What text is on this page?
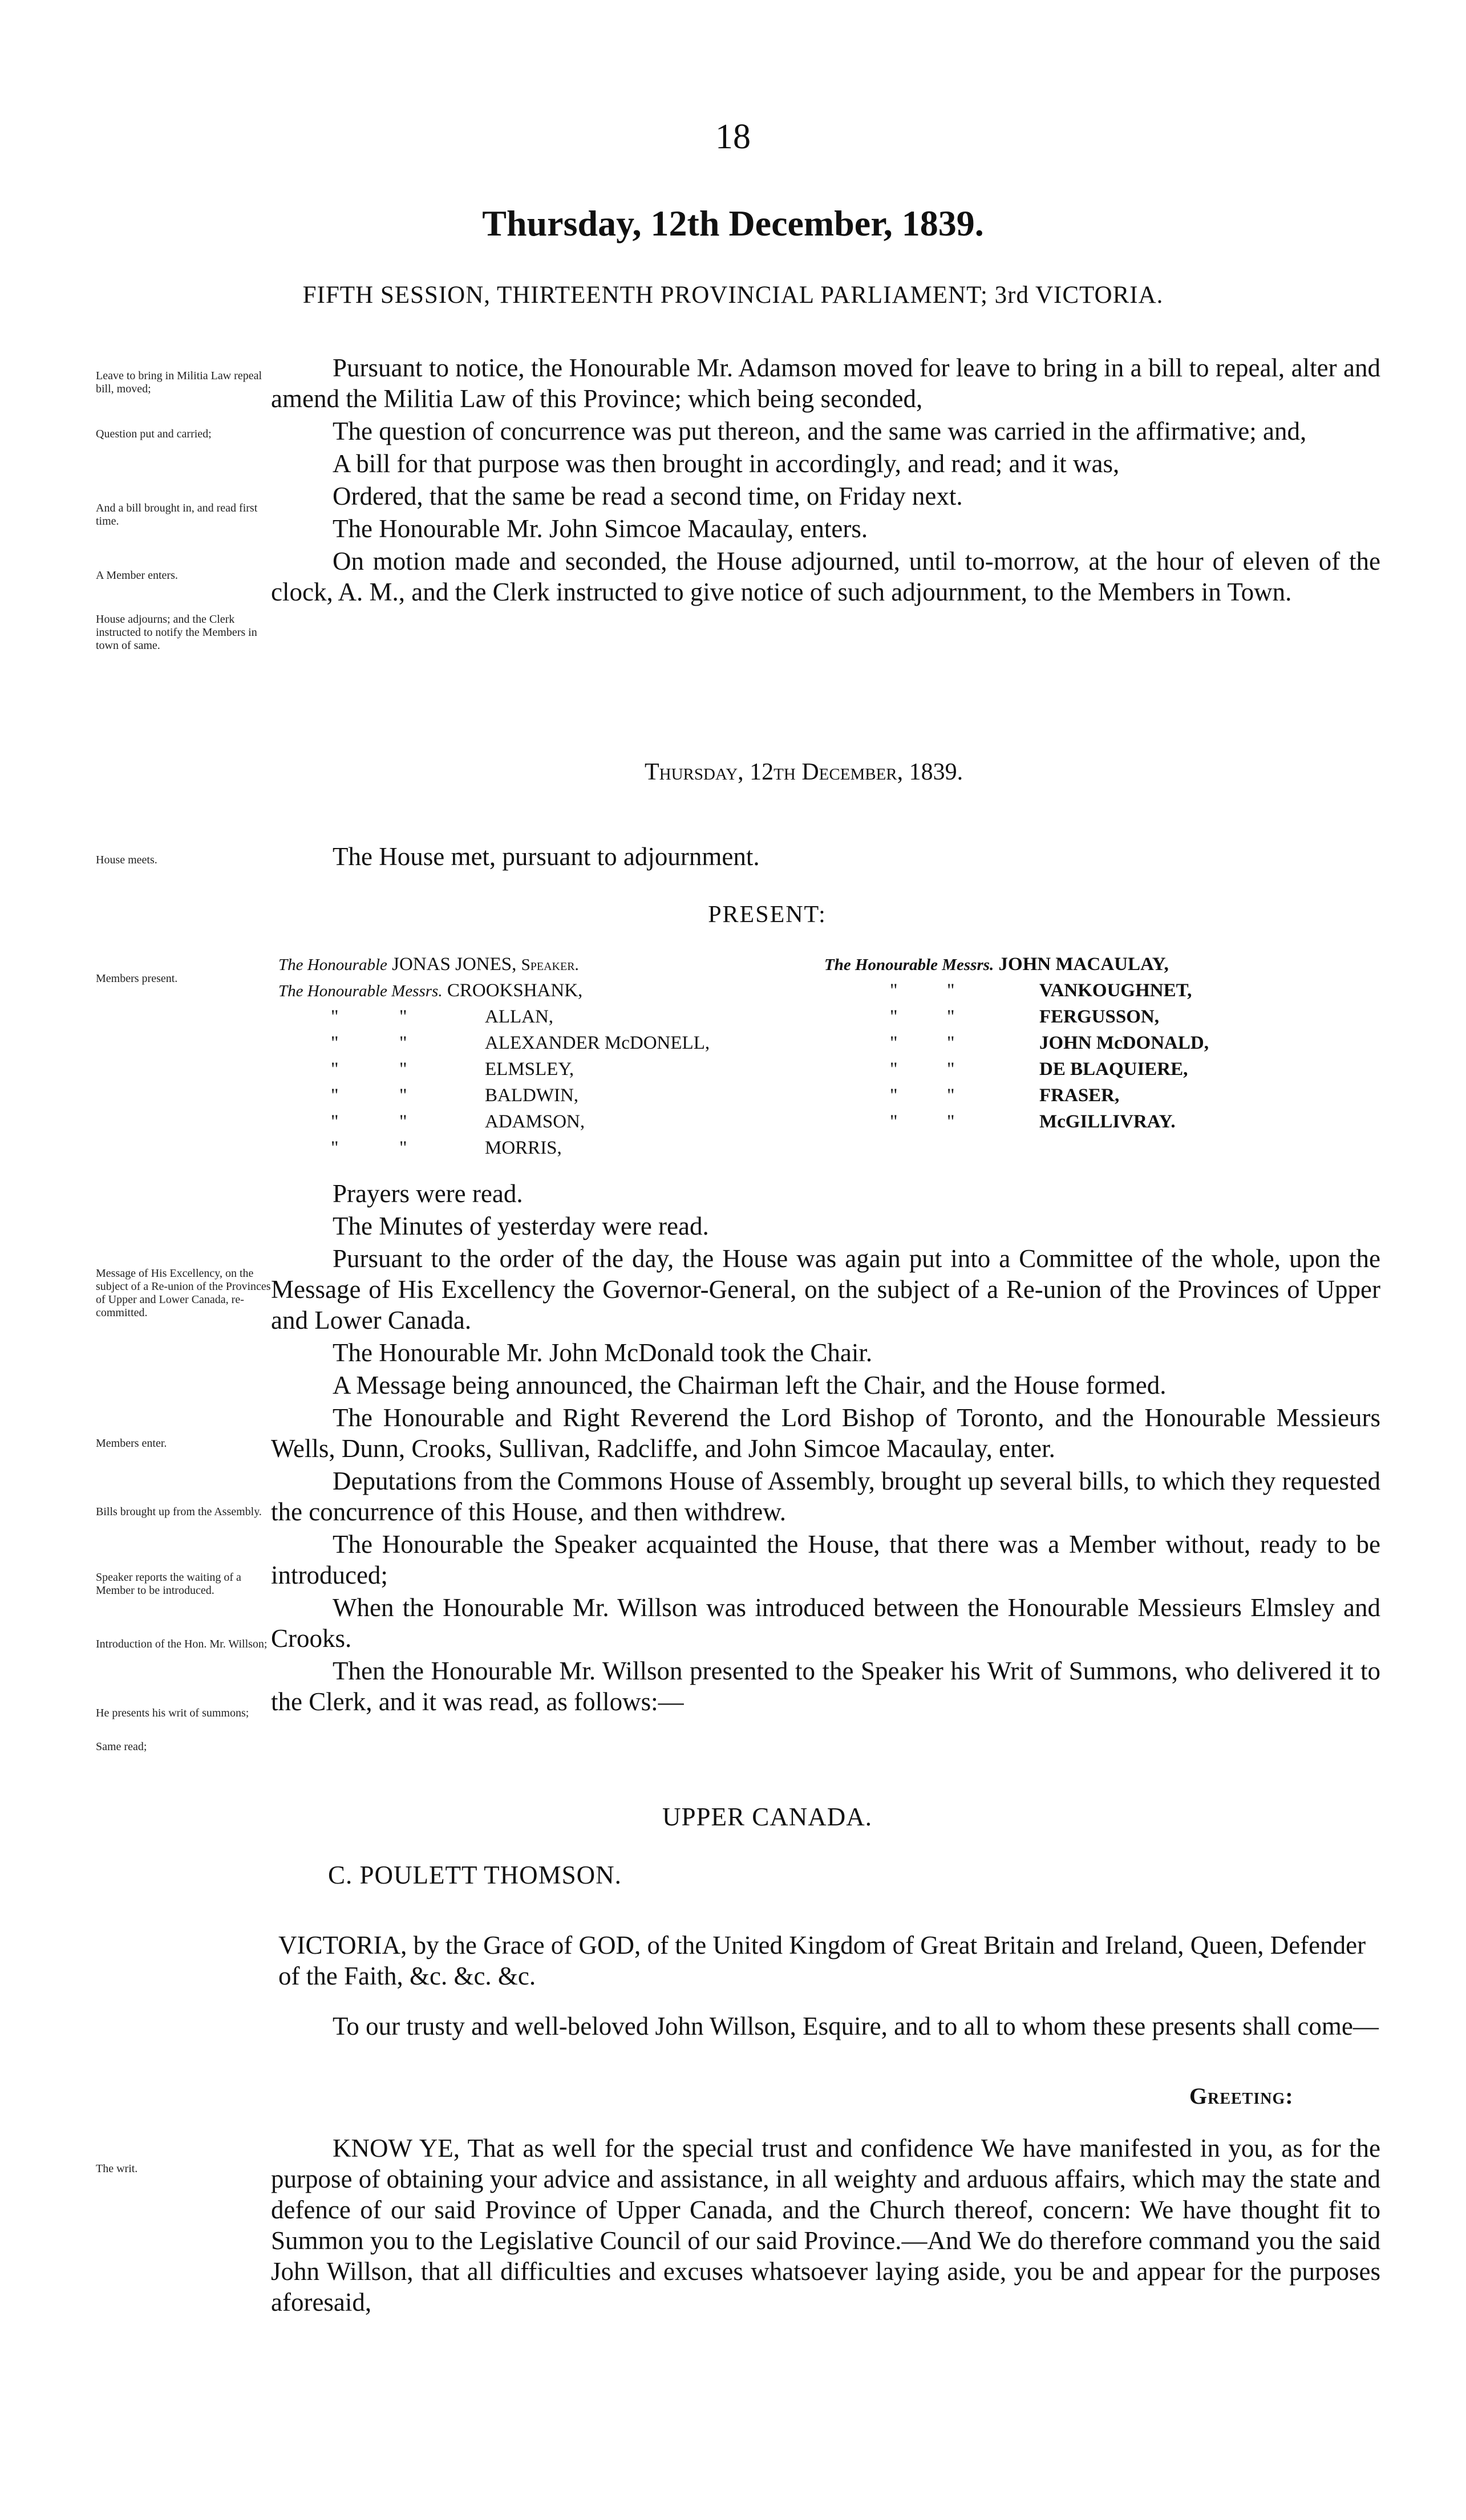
18
Thursday, 12th December, 1839.
FIFTH SESSION, THIRTEENTH PROVINCIAL PARLIAMENT; 3rd VICTORIA.
Leave to bring in Militia Law repeal bill, moved;
Question put and carried;
And a bill brought in, and read first time.
A Member enters.
House adjourns; and the Clerk instructed to notify the Members in town of same.
House meets.
Members present.
Message of His Excellency, on the subject of a Re-union of the Provinces of Upper and Lower Canada, re-committed.
Members enter.
Bills brought up from the Assembly.
Speaker reports the waiting of a Member to be introduced.
Introduction of the Hon. Mr. Willson;
He presents his writ of summons;
Same read;
The writ.

Pursuant to notice, the Honourable Mr. Adamson moved for leave to bring in a bill to repeal, alter and amend the Militia Law of this Province; which being seconded,

The question of concurrence was put thereon, and the same was carried in the affirmative; and,

A bill for that purpose was then brought in accordingly, and read; and it was,

Ordered, that the same be read a second time, on Friday next.

The Honourable Mr. John Simcoe Macaulay, enters.

On motion made and seconded, the House adjourned, until to-morrow, at the hour of eleven of the clock, A. M., and the Clerk instructed to give notice of such adjournment, to the Members in Town.

Thursday, 12th December, 1839.
The House met, pursuant to adjournment.
PRESENT:
The Honourable JONAS JONES, Speaker.
The Honourable Messrs. CROOKSHANK,
"	"	ALLAN,
"	"	ALEXANDER McDONELL,
"	"	ELMSLEY,
"	"	BALDWIN,
"	"	ADAMSON,
"	"	MORRIS,
The Honourable Messrs. JOHN MACAULAY,
"	"	VANKOUGHNET,
"	"	FERGUSSON,
"	"	JOHN McDONALD,
"	"	DE BLAQUIERE,
"	"	FRASER,
"	"	McGILLIVRAY.

Prayers were read.

The Minutes of yesterday were read.

Pursuant to the order of the day, the House was again put into a Committee of the whole, upon the Message of His Excellency the Governor-General, on the subject of a Re-union of the Provinces of Upper and Lower Canada.

The Honourable Mr. John McDonald took the Chair.

A Message being announced, the Chairman left the Chair, and the House formed.

The Honourable and Right Reverend the Lord Bishop of Toronto, and the Honourable Messieurs Wells, Dunn, Crooks, Sullivan, Radcliffe, and John Simcoe Macaulay, enter.

Deputations from the Commons House of Assembly, brought up several bills, to which they requested the concurrence of this House, and then withdrew.

The Honourable the Speaker acquainted the House, that there was a Member without, ready to be introduced;

When the Honourable Mr. Willson was introduced between the Honourable Messieurs Elmsley and Crooks.

Then the Honourable Mr. Willson presented to the Speaker his Writ of Summons, who delivered it to the Clerk, and it was read, as follows:—

UPPER CANADA.
C. POULETT THOMSON.
VICTORIA, by the Grace of GOD, of the United Kingdom of Great Britain and Ireland, Queen, Defender of the Faith, &c. &c. &c.
To our trusty and well-beloved John Willson, Esquire, and to all to whom these presents shall come—
Greeting:
KNOW YE, That as well for the special trust and confidence We have manifested in you, as for the purpose of obtaining your advice and assistance, in all weighty and arduous affairs, which may the state and defence of our said Province of Upper Canada, and the Church thereof, concern: We have thought fit to Summon you to the Legislative Council of our said Province.—And We do therefore command you the said John Willson, that all difficulties and excuses whatsoever laying aside, you be and appear for the purposes aforesaid,
